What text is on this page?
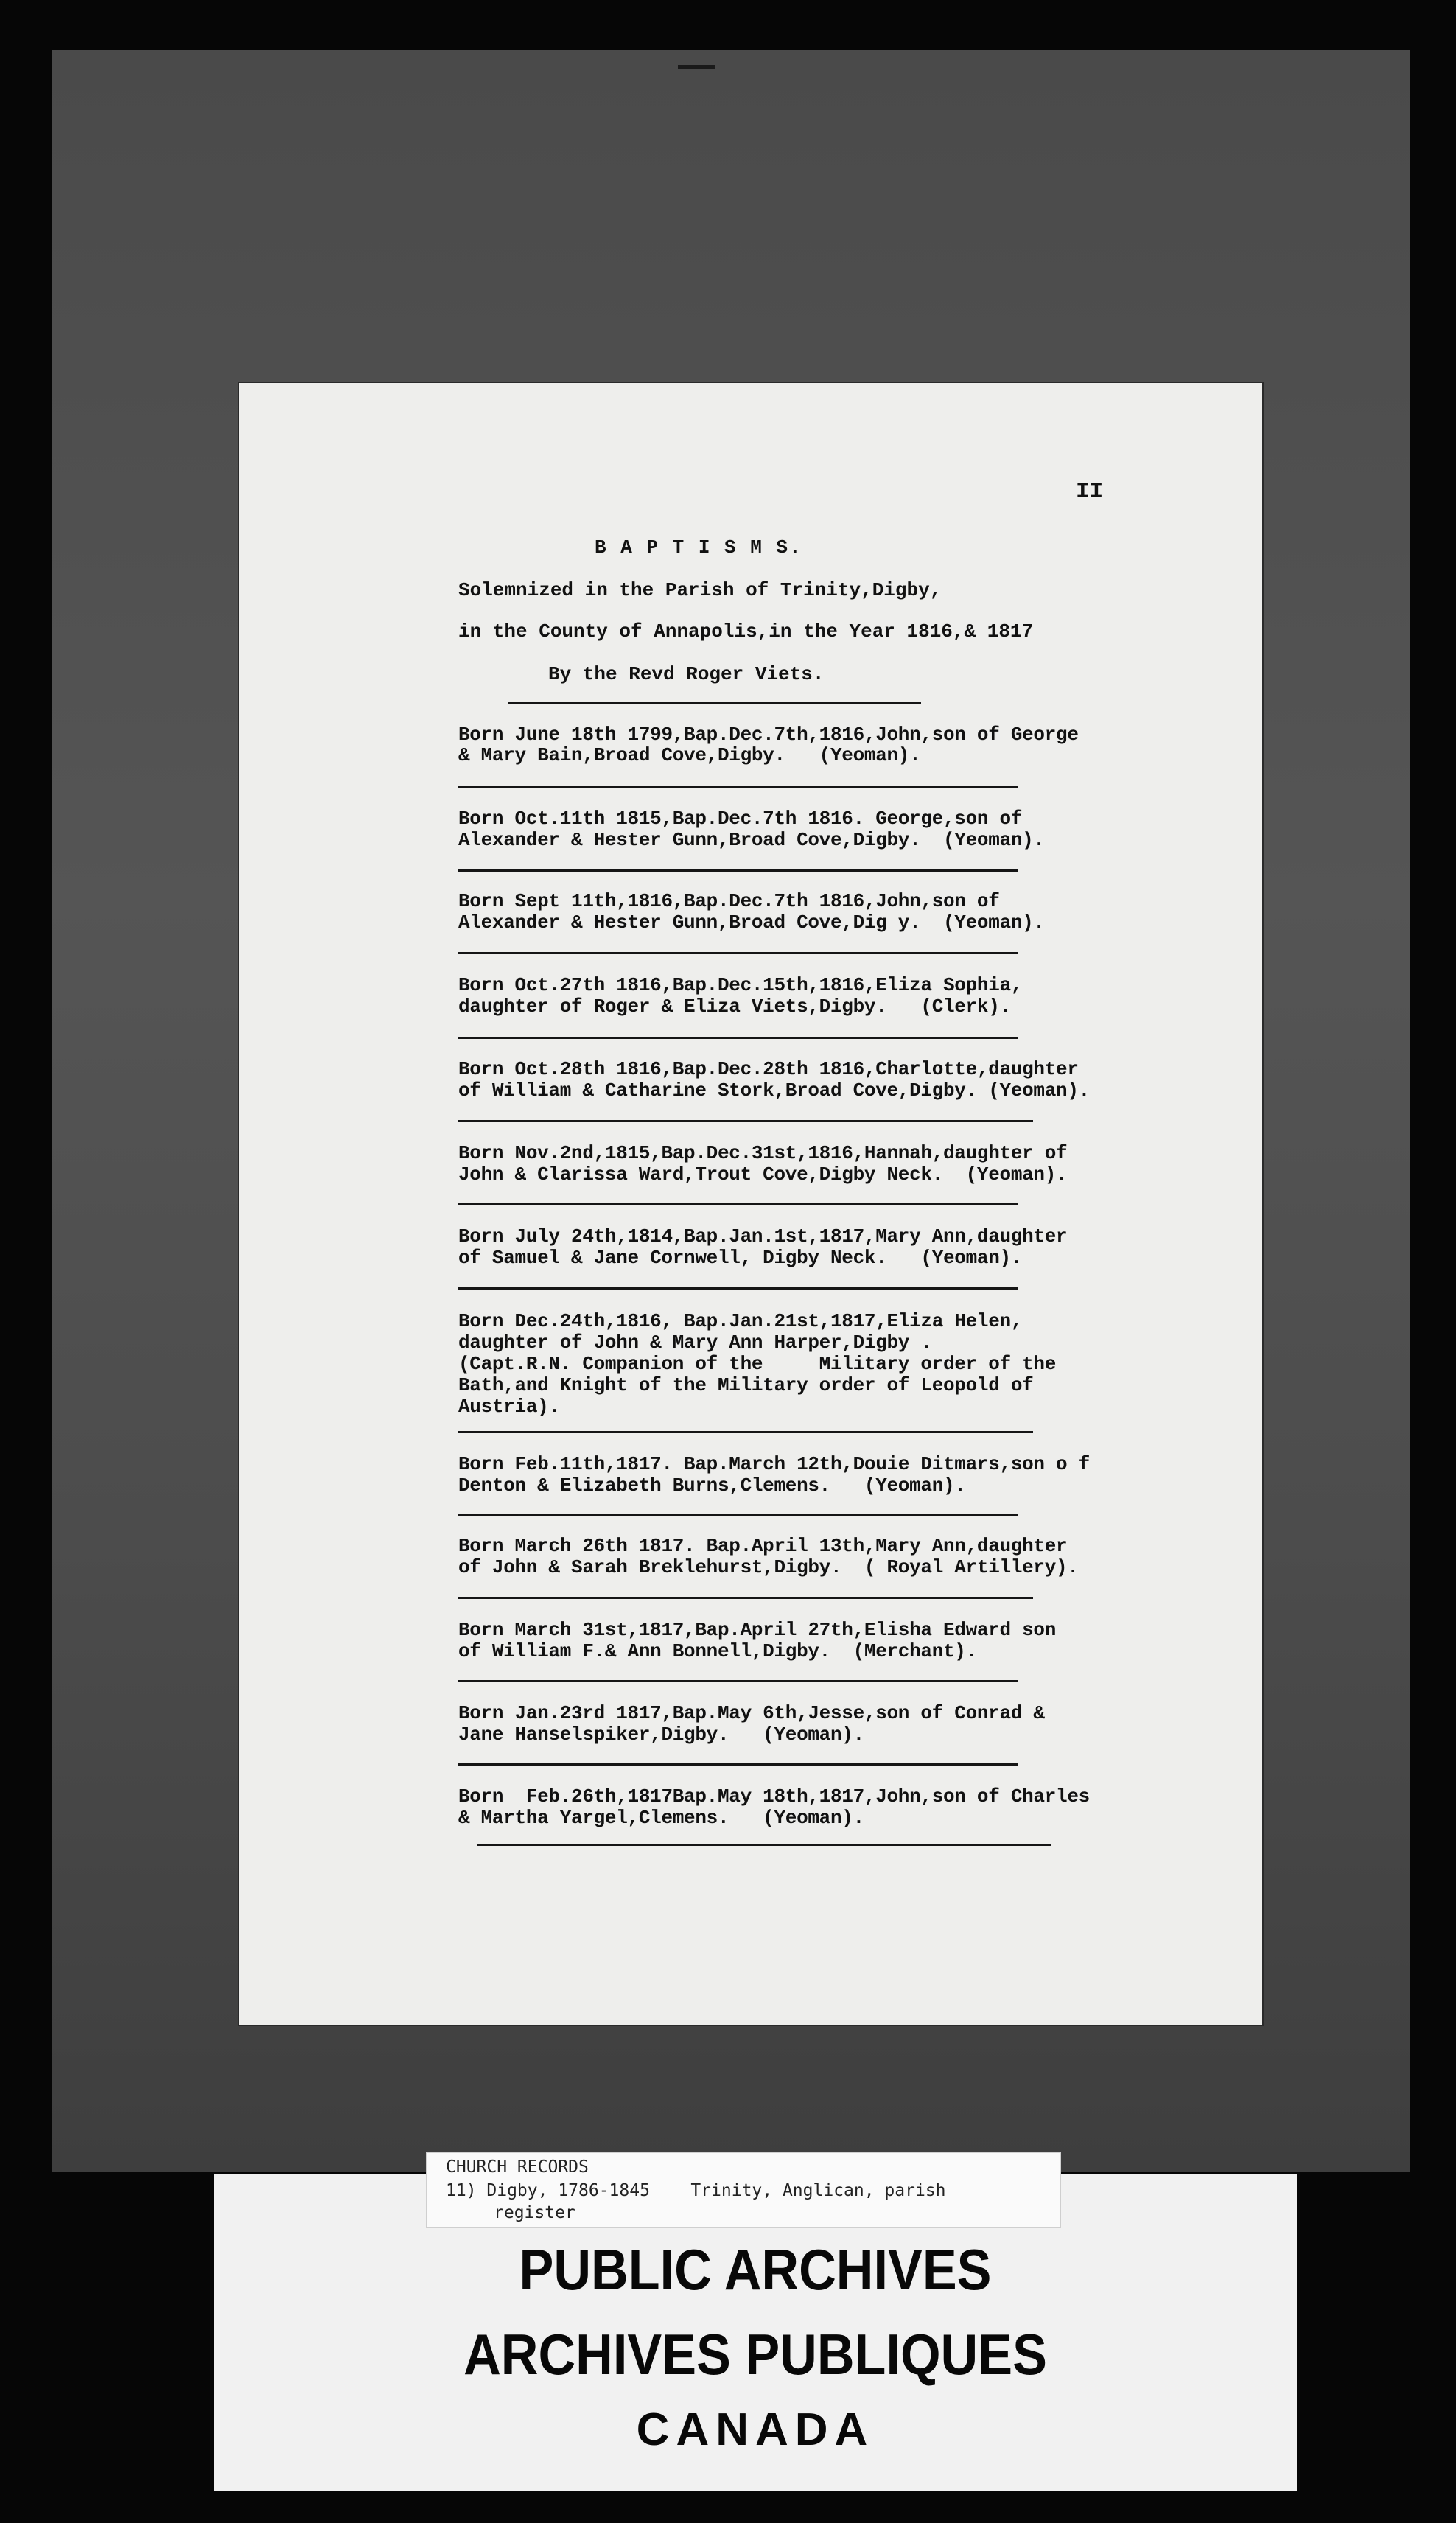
II
B A P T I S M S.
Solemnized in the Parish of Trinity,Digby,
in the County of Annapolis,in the Year 1816,& 1817
By the Revd Roger Viets.
Born June 18th 1799,Bap.Dec.7th,1816,John,son of George
& Mary Bain,Broad Cove,Digby.   (Yeoman).
Born Oct.11th 1815,Bap.Dec.7th 1816. George,son of
Alexander & Hester Gunn,Broad Cove,Digby.  (Yeoman).
Born Sept 11th,1816,Bap.Dec.7th 1816,John,son of
Alexander & Hester Gunn,Broad Cove,Dig y.  (Yeoman).
Born Oct.27th 1816,Bap.Dec.15th,1816,Eliza Sophia,
daughter of Roger & Eliza Viets,Digby.   (Clerk).
Born Oct.28th 1816,Bap.Dec.28th 1816,Charlotte,daughter
of William & Catharine Stork,Broad Cove,Digby. (Yeoman).
Born Nov.2nd,1815,Bap.Dec.31st,1816,Hannah,daughter of
John & Clarissa Ward,Trout Cove,Digby Neck.  (Yeoman).
Born July 24th,1814,Bap.Jan.1st,1817,Mary Ann,daughter
of Samuel & Jane Cornwell, Digby Neck.   (Yeoman).
Born Dec.24th,1816, Bap.Jan.21st,1817,Eliza Helen,
daughter of John & Mary Ann Harper,Digby .
(Capt.R.N. Companion of the     Military order of the
Bath,and Knight of the Military order of Leopold of
Austria).
Born Feb.11th,1817. Bap.March 12th,Douie Ditmars,son o f
Denton & Elizabeth Burns,Clemens.   (Yeoman).
Born March 26th 1817. Bap.April 13th,Mary Ann,daughter
of John & Sarah Breklehurst,Digby.  ( Royal Artillery).
Born March 31st,1817,Bap.April 27th,Elisha Edward son
of William F.& Ann Bonnell,Digby.  (Merchant).
Born Jan.23rd 1817,Bap.May 6th,Jesse,son of Conrad &
Jane Hanselspiker,Digby.   (Yeoman).
Born  Feb.26th,1817Bap.May 18th,1817,John,son of Charles
& Martha Yargel,Clemens.   (Yeoman).
CHURCH RECORDS
11) Digby, 1786-1845    Trinity, Anglican, parish
register
PUBLIC ARCHIVES
ARCHIVES PUBLIQUES
CANADA
